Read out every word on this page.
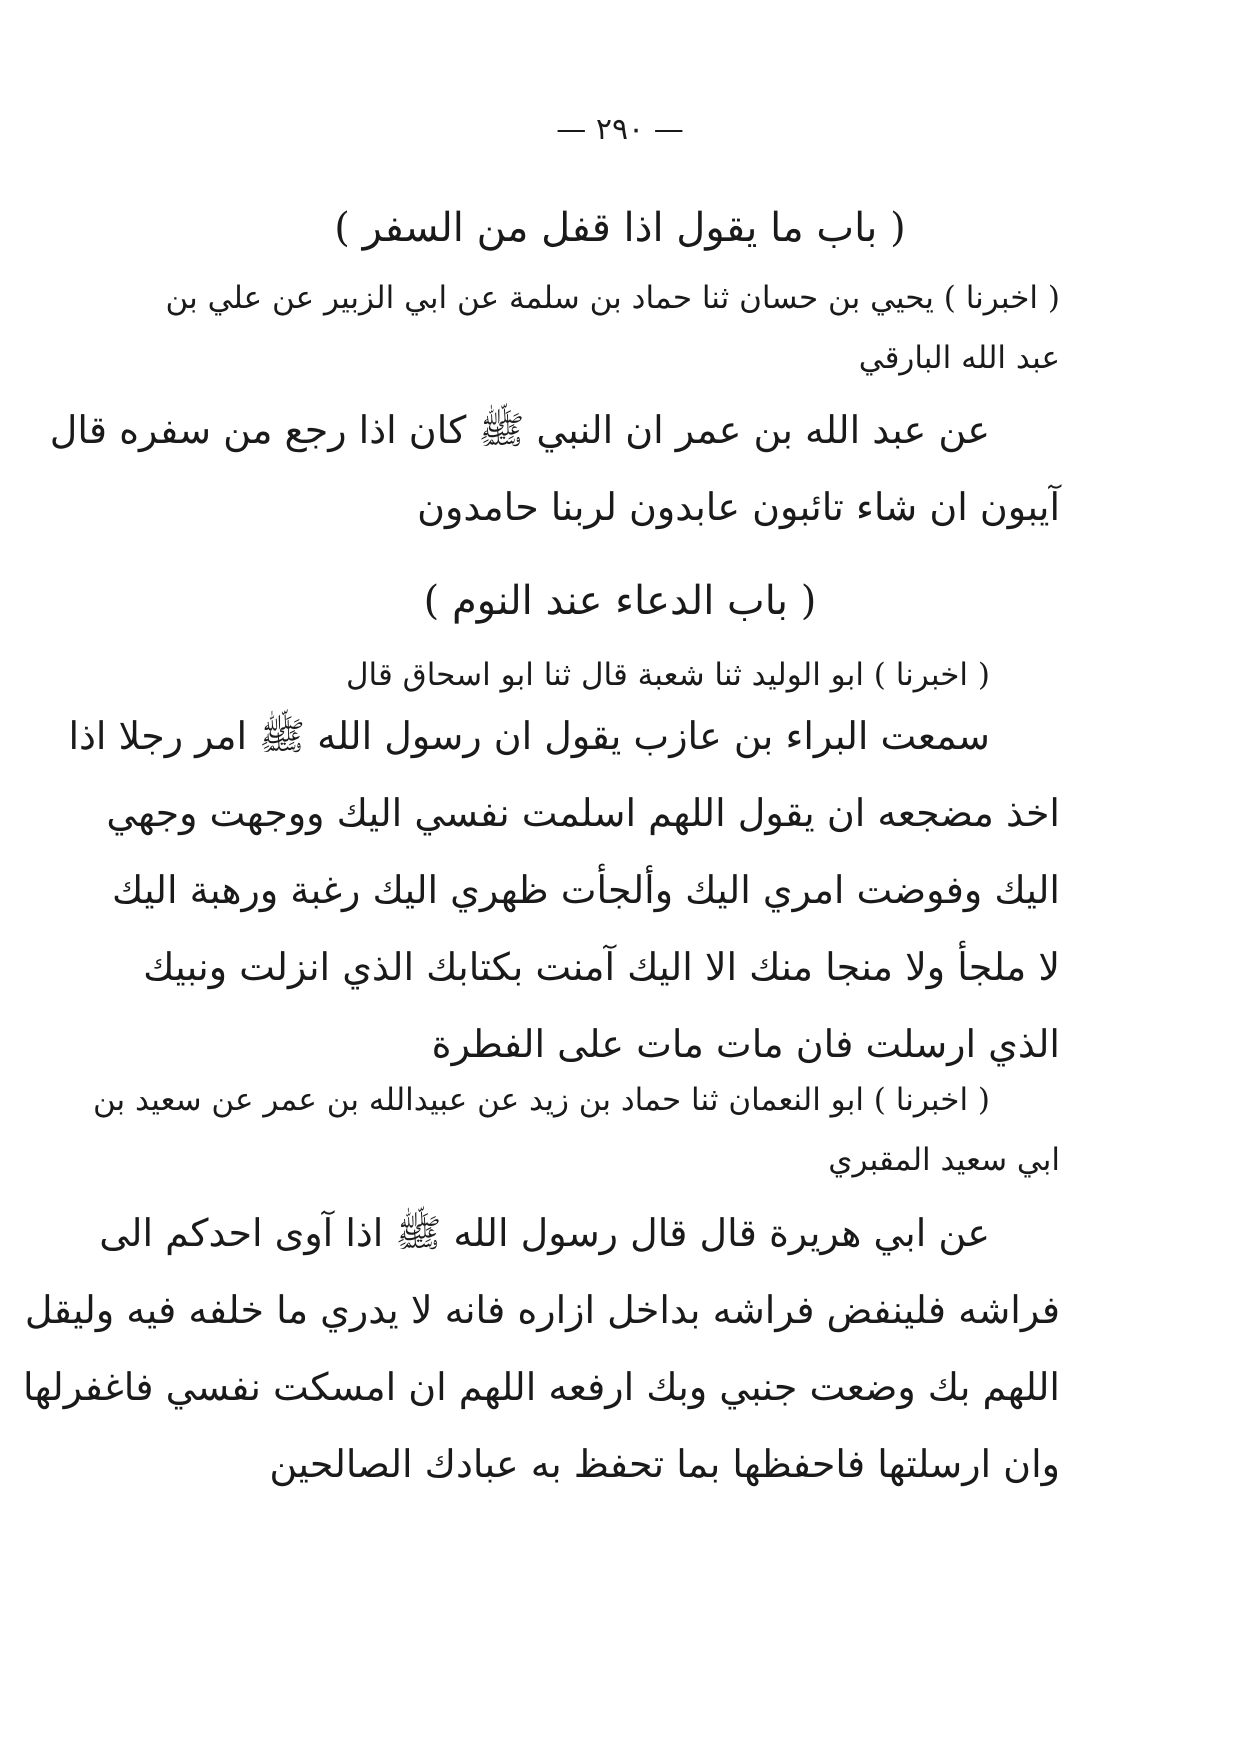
— ٢٩٠ —
( باب ما يقول اذا قفل من السفر )
( اخبرنا ) يحيي بن حسان ثنا حماد بن سلمة عن ابي الزبير عن علي بن
عبد الله البارقي
عن عبد الله بن عمر ان النبي ﷺ كان اذا رجع من سفره قال
آيبون ان شاء تائبون عابدون لربنا حامدون
( باب الدعاء عند النوم )
( اخبرنا ) ابو الوليد ثنا شعبة قال ثنا ابو اسحاق قال
سمعت البراء بن عازب يقول ان رسول الله ﷺ امر رجلا اذا
اخذ مضجعه ان يقول اللهم اسلمت نفسي اليك ووجهت وجهي
اليك وفوضت امري اليك وألجأت ظهري اليك رغبة ورهبة اليك
لا ملجأ ولا منجا منك الا اليك آمنت بكتابك الذي انزلت ونبيك
الذي ارسلت فان مات مات على الفطرة
( اخبرنا ) ابو النعمان ثنا حماد بن زيد عن عبيدالله بن عمر عن سعيد بن
ابي سعيد المقبري
عن ابي هريرة قال قال رسول الله ﷺ اذا آوى احدكم الى
فراشه فلينفض فراشه بداخل ازاره فانه لا يدري ما خلفه فيه وليقل
اللهم بك وضعت جنبي وبك ارفعه اللهم ان امسكت نفسي فاغفرلها
وان ارسلتها فاحفظها بما تحفظ به عبادك الصالحين
